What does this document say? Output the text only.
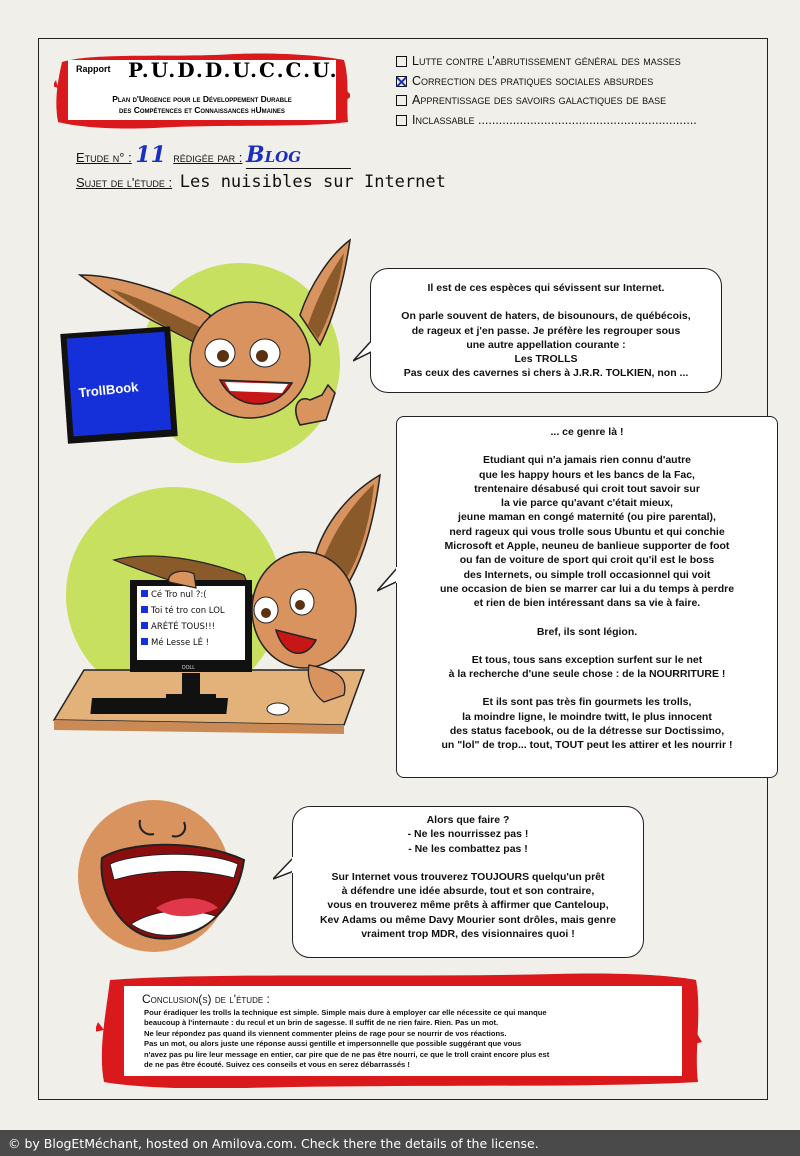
Rapport P.U.D.D.U.C.C.U.
Plan d'Urgence pour le Développement Durable
des Compétences et Connaissances hUmaines
Lutte contre l'abrutissement général des masses
Correction des pratiques sociales absurdes
Apprentissage des savoirs galactiques de base
Inclassable ...............................................................
Etude n° : 11 rédigée par : Blog
Sujet de l'étude : Les nuisibles sur Internet
TrollBook
DOLL
Cé Tro nul ?:(
Toi té tro con LOL
ARÉTÉ TOUS!!!
Mé Lesse LÉ !
Il est de ces espèces qui sévissent sur Internet.
On parle souvent de haters, de bisounours, de québécois,
de rageux et j'en passe. Je préfère les regrouper sous
une autre appellation courante :
Les TROLLS
Pas ceux des cavernes si chers à J.R.R. TOLKIEN, non ...
... ce genre là !
Etudiant qui n'a jamais rien connu d'autre
que les happy hours et les bancs de la Fac,
trentenaire désabusé qui croit tout savoir sur
la vie parce qu'avant c'était mieux,
jeune maman en congé maternité (ou pire parental),
nerd rageux qui vous trolle sous Ubuntu et qui conchie
Microsoft et Apple, neuneu de banlieue supporter de foot
ou fan de voiture de sport qui croit qu'il est le boss
des Internets, ou simple troll occasionnel qui voit
une occasion de bien se marrer car lui a du temps à perdre
et rien de bien intéressant dans sa vie à faire.
Bref, ils sont légion.
Et tous, tous sans exception surfent sur le net
à la recherche d'une seule chose : de la NOURRITURE !
Et ils sont pas très fin gourmets les trolls,
la moindre ligne, le moindre twitt, le plus innocent
des status facebook, ou de la détresse sur Doctissimo,
un "lol" de trop... tout, TOUT peut les attirer et les nourrir !
Alors que faire ?
- Ne les nourrissez pas !
- Ne les combattez pas !
Sur Internet vous trouverez TOUJOURS quelqu'un prêt
à défendre une idée absurde, tout et son contraire,
vous en trouverez même prêts à affirmer que Canteloup,
Kev Adams ou même Davy Mourier sont drôles, mais genre
vraiment trop MDR, des visionnaires quoi !
Conclusion(s) de l'étude :
Pour éradiquer les trolls la technique est simple. Simple mais dure à employer car elle nécessite ce qui manque
beaucoup à l'internaute : du recul et un brin de sagesse. Il suffit de ne rien faire. Rien. Pas un mot.
Ne leur répondez pas quand ils viennent commenter pleins de rage pour se nourrir de vos réactions.
Pas un mot, ou alors juste une réponse aussi gentille et impersonnelle que possible suggérant que vous
n'avez pas pu lire leur message en entier, car pire que de ne pas être nourri, ce que le troll craint encore plus est
de ne pas être écouté. Suivez ces conseils et vous en serez débarrassés !
© by BlogEtMéchant, hosted on Amilova.com. Check there the details of the license.
